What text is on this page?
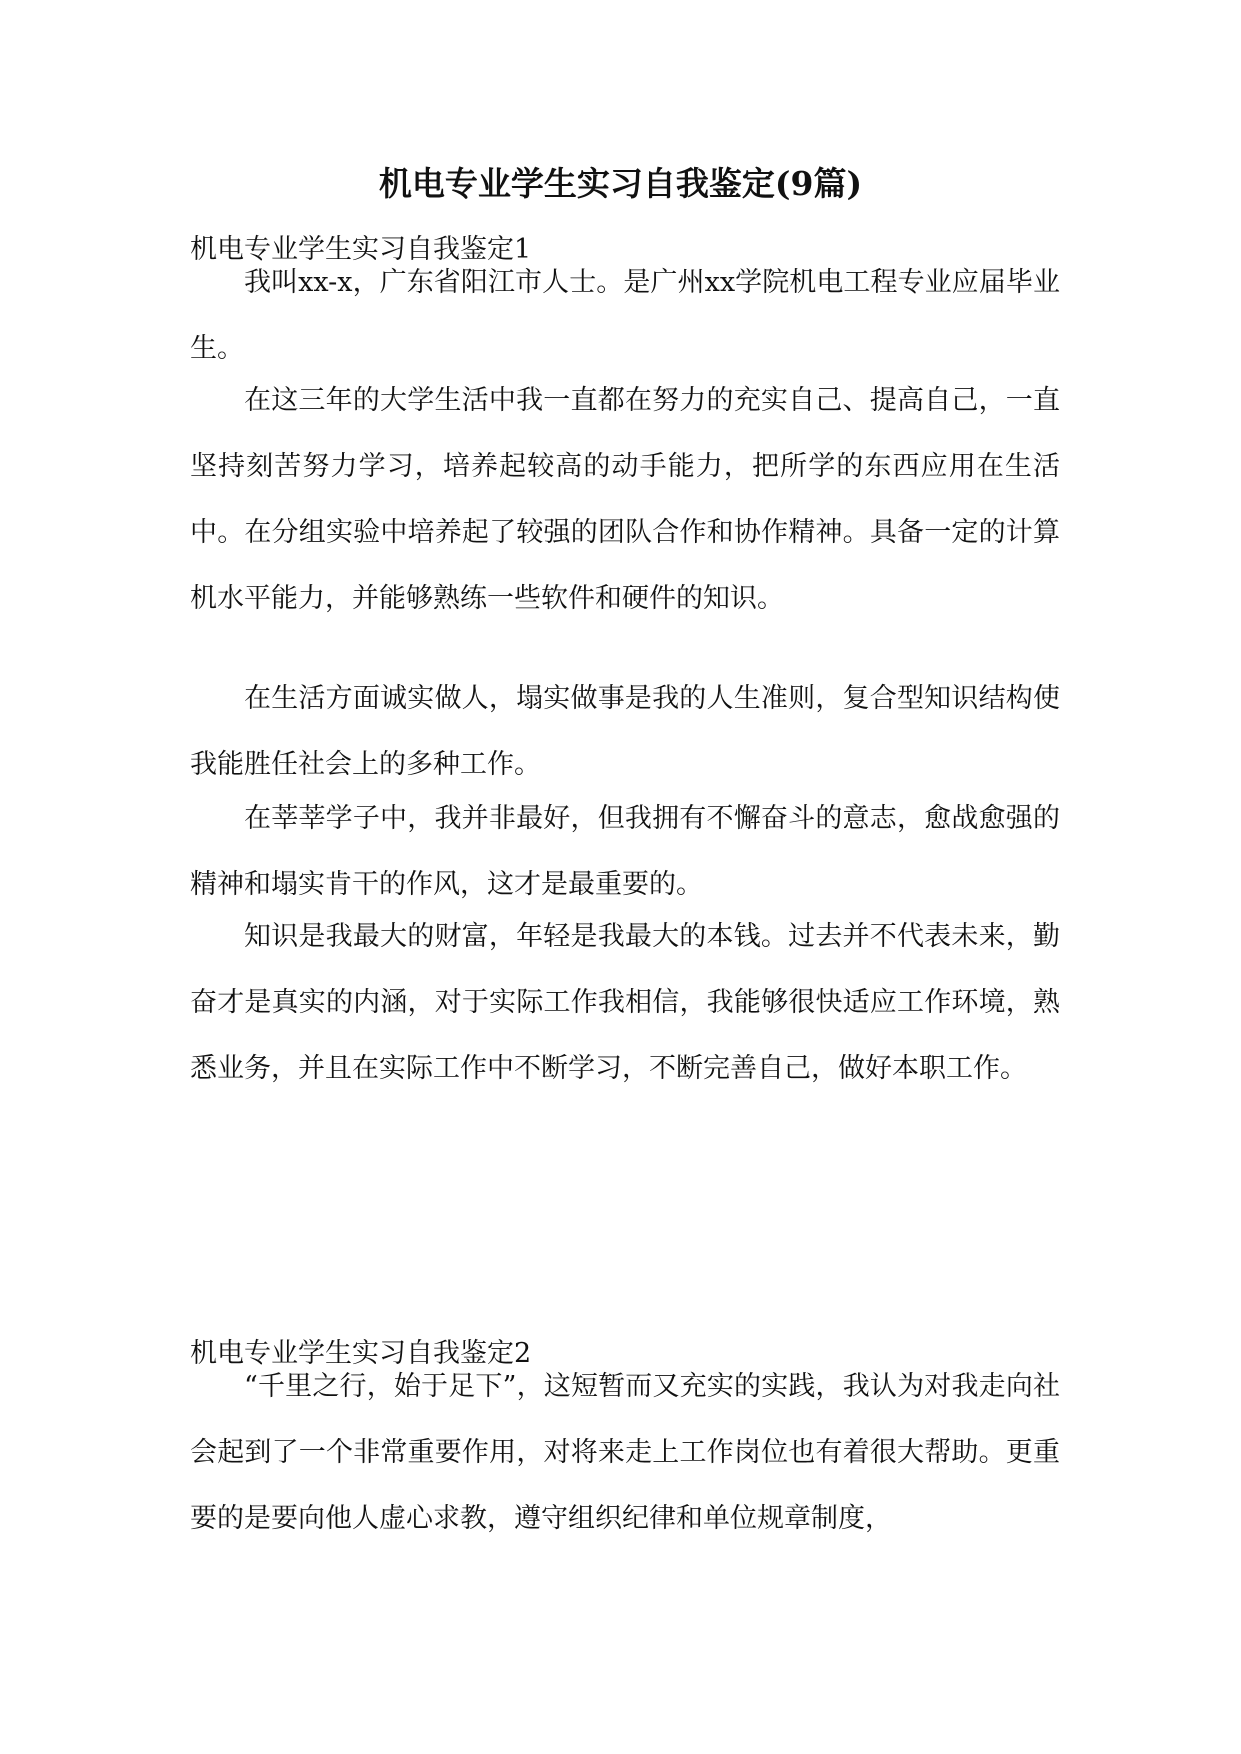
机电专业学生实习自我鉴定(9篇)

机电专业学生实习自我鉴定1

我叫xx-x，广东省阳江市人士。是广州xx学院机电工程专业应届毕业生。

在这三年的大学生活中我一直都在努力的充实自己、提高自己，一直坚持刻苦努力学习，培养起较高的动手能力，把所学的东西应用在生活中。在分组实验中培养起了较强的团队合作和协作精神。具备一定的计算机水平能力，并能够熟练一些软件和硬件的知识。

在生活方面诚实做人，塌实做事是我的人生准则，复合型知识结构使我能胜任社会上的多种工作。

在莘莘学子中，我并非最好，但我拥有不懈奋斗的意志，愈战愈强的精神和塌实肯干的作风，这才是最重要的。

知识是我最大的财富，年轻是我最大的本钱。过去并不代表未来，勤奋才是真实的内涵，对于实际工作我相信，我能够很快适应工作环境，熟悉业务，并且在实际工作中不断学习，不断完善自己，做好本职工作。

机电专业学生实习自我鉴定2

“千里之行，始于足下”，这短暂而又充实的实践，我认为对我走向社会起到了一个非常重要作用，对将来走上工作岗位也有着很大帮助。更重要的是要向他人虚心求教，遵守组织纪律和单位规章制度，
